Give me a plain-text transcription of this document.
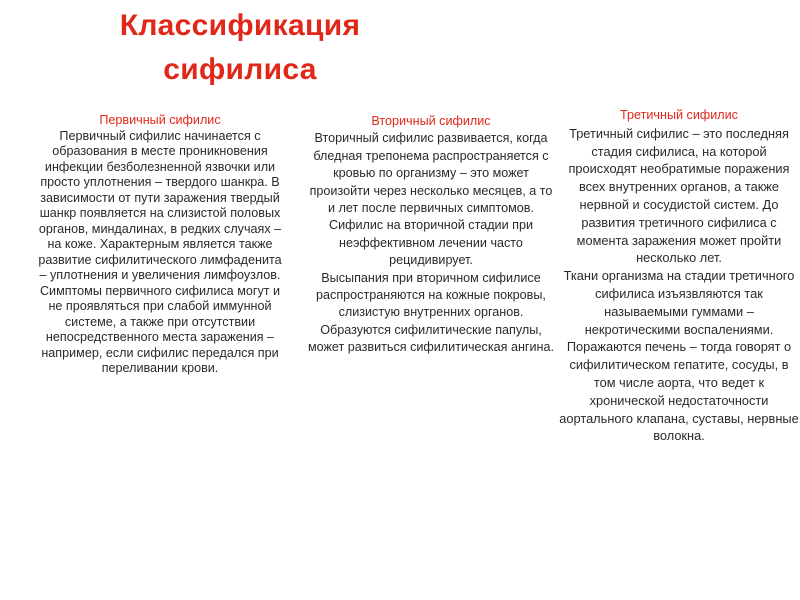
Классификация
сифилиса
Первичный сифилис

Первичный сифилис начинается с образования в месте проникновения инфекции безболезненной язвочки или просто уплотнения – твердого шанкра. В зависимости от пути заражения твердый шанкр появляется на слизистой половых органов, миндалинах, в редких случаях – на коже. Характерным является также развитие сифилитического лимфаденита – уплотнения и увеличения лимфоузлов.

Симптомы первичного сифилиса могут и не проявляться при слабой иммунной системе, а также при отсутствии непосредственного места заражения – например, если сифилис передался при переливании крови.

Вторичный сифилис

Вторичный сифилис развивается, когда бледная трепонема распространяется с кровью по организму – это может произойти через несколько месяцев, а то и лет после первичных симптомов. Сифилис на вторичной стадии при неэффективном лечении часто рецидивирует.

Высыпания при вторичном сифилисе распространяются на кожные покровы, слизистую внутренних органов. Образуются сифилитические папулы, может развиться сифилитическая ангина.

Третичный сифилис

Третичный сифилис – это последняя стадия сифилиса, на которой происходят необратимые поражения всех внутренних органов, а также нервной и сосудистой систем. До развития третичного сифилиса с момента заражения может пройти несколько лет.

Ткани организма на стадии третичного сифилиса изъязвляются так называемыми гуммами – некротическими воспалениями. Поражаются печень – тогда говорят о сифилитическом гепатите, сосуды, в том числе аорта, что ведет к хронической недостаточности аортального клапана, суставы, нервные волокна.
